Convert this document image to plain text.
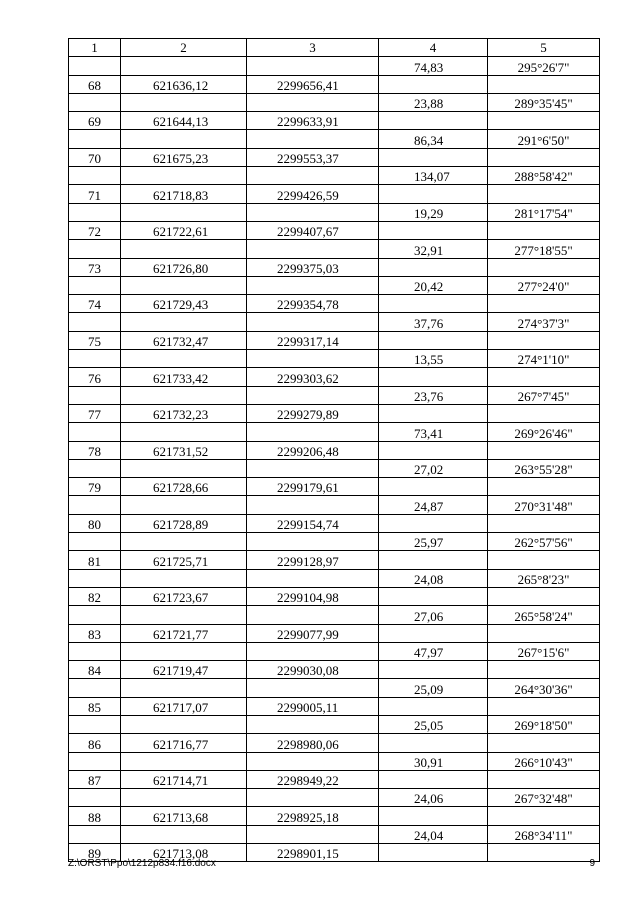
1	2	3	4	5
			74,83	295°26'7"
68	621636,12	2299656,41		
			23,88	289°35'45"
69	621644,13	2299633,91		
			86,34	291°6'50"
70	621675,23	2299553,37		
			134,07	288°58'42"
71	621718,83	2299426,59		
			19,29	281°17'54"
72	621722,61	2299407,67		
			32,91	277°18'55"
73	621726,80	2299375,03		
			20,42	277°24'0"
74	621729,43	2299354,78		
			37,76	274°37'3"
75	621732,47	2299317,14		
			13,55	274°1'10"
76	621733,42	2299303,62		
			23,76	267°7'45"
77	621732,23	2299279,89		
			73,41	269°26'46"
78	621731,52	2299206,48		
			27,02	263°55'28"
79	621728,66	2299179,61		
			24,87	270°31'48"
80	621728,89	2299154,74		
			25,97	262°57'56"
81	621725,71	2299128,97		
			24,08	265°8'23"
82	621723,67	2299104,98		
			27,06	265°58'24"
83	621721,77	2299077,99		
			47,97	267°15'6"
84	621719,47	2299030,08		
			25,09	264°30'36"
85	621717,07	2299005,11		
			25,05	269°18'50"
86	621716,77	2298980,06		
			30,91	266°10'43"
87	621714,71	2298949,22		
			24,06	267°32'48"
88	621713,68	2298925,18		
			24,04	268°34'11"
89	621713,08	2298901,15		
Z:\ORST\Ppo\1212p834.f16.docx	9
